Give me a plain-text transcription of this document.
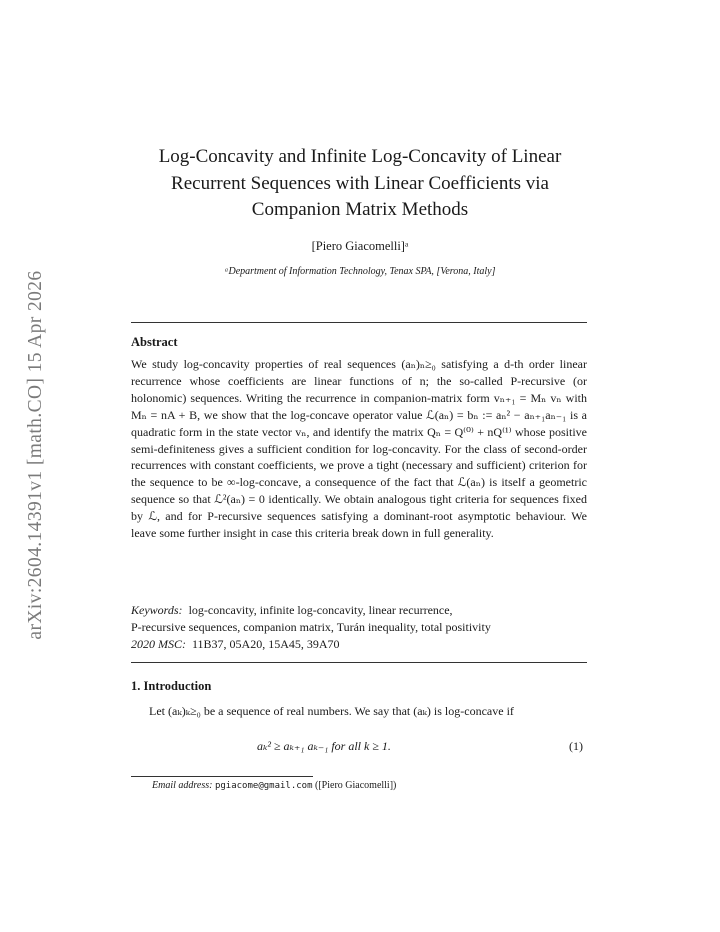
arXiv:2604.14391v1 [math.CO] 15 Apr 2026
Log-Concavity and Infinite Log-Concavity of Linear
Recurrent Sequences with Linear Coefficients via
Companion Matrix Methods
[Piero Giacomelli]ᵃ
ᵃDepartment of Information Technology, Tenax SPA, [Verona, Italy]
Abstract
We study log-concavity properties of real sequences (aₙ)ₙ≥₀ satisfying a d-th order linear recurrence whose coefficients are linear functions of n; the so-called P-recursive (or holonomic) sequences. Writing the recurrence in companion-matrix form vₙ₊₁ = Mₙ vₙ with Mₙ = nA + B, we show that the log-concave operator value ℒ(aₙ) = bₙ := aₙ² − aₙ₊₁aₙ₋₁ is a quadratic form in the state vector vₙ, and identify the matrix Qₙ = Q⁽⁰⁾ + nQ⁽¹⁾ whose positive semi-definiteness gives a sufficient condition for log-concavity. For the class of second-order recurrences with constant coefficients, we prove a tight (necessary and sufficient) criterion for the sequence to be ∞-log-concave, a consequence of the fact that ℒ(aₙ) is itself a geometric sequence so that ℒ²(aₙ) = 0 identically. We obtain analogous tight criteria for sequences fixed by ℒ, and for P-recursive sequences satisfying a dominant-root asymptotic behaviour. We leave some further insight in case this criteria break down in full generality.
Keywords: log-concavity, infinite log-concavity, linear recurrence,
P-recursive sequences, companion matrix, Turán inequality, total positivity
2020 MSC: 11B37, 05A20, 15A45, 39A70
1. Introduction
Let (aₖ)ₖ≥₀ be a sequence of real numbers. We say that (aₖ) is log-concave if
aₖ² ≥ aₖ₊₁ aₖ₋₁ for all k ≥ 1.	(1)
Email address: pgiacome@gmail.com ([Piero Giacomelli])
